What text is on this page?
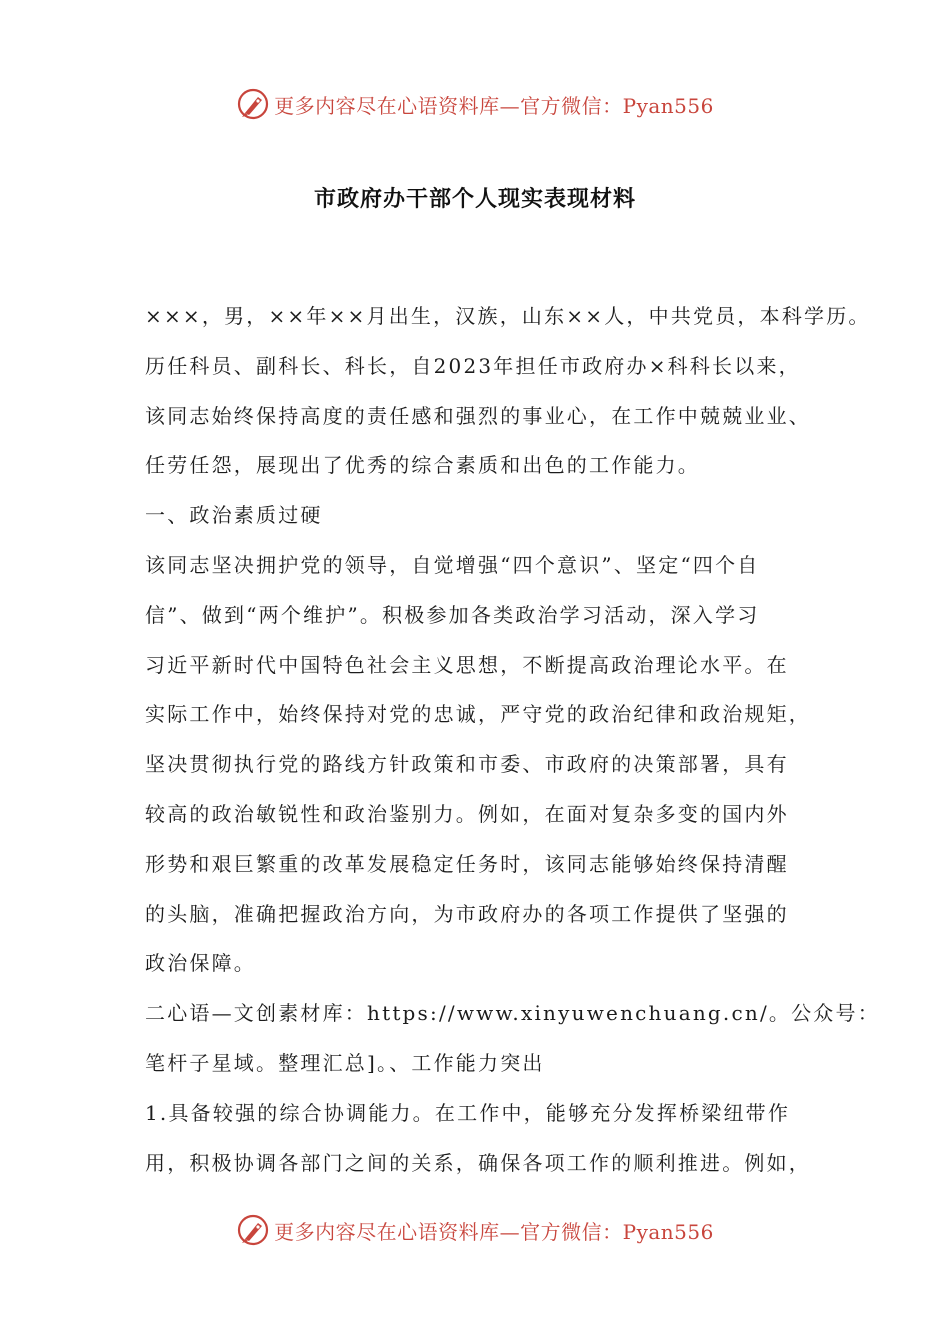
更多内容尽在心语资料库—官方微信：Pyan556
市政府办干部个人现实表现材料
×××，男，××年××月出生，汉族，山东××人，中共党员，本科学历。
历任科员、副科长、科长，自2023年担任市政府办×科科长以来，
该同志始终保持高度的责任感和强烈的事业心，在工作中兢兢业业、
任劳任怨，展现出了优秀的综合素质和出色的工作能力。
一、政治素质过硬
该同志坚决拥护党的领导，自觉增强“四个意识”、坚定“四个自
信”、做到“两个维护”。积极参加各类政治学习活动，深入学习
习近平新时代中国特色社会主义思想，不断提高政治理论水平。在
实际工作中，始终保持对党的忠诚，严守党的政治纪律和政治规矩，
坚决贯彻执行党的路线方针政策和市委、市政府的决策部署，具有
较高的政治敏锐性和政治鉴别力。例如，在面对复杂多变的国内外
形势和艰巨繁重的改革发展稳定任务时，该同志能够始终保持清醒
的头脑，准确把握政治方向，为市政府办的各项工作提供了坚强的
政治保障。
二心语—文创素材库：https://www.xinyuwenchuang.cn/。公众号：
笔杆子星域。整理汇总]。、工作能力突出
1.具备较强的综合协调能力。在工作中，能够充分发挥桥梁纽带作
用，积极协调各部门之间的关系，确保各项工作的顺利推进。例如，
更多内容尽在心语资料库—官方微信：Pyan556
